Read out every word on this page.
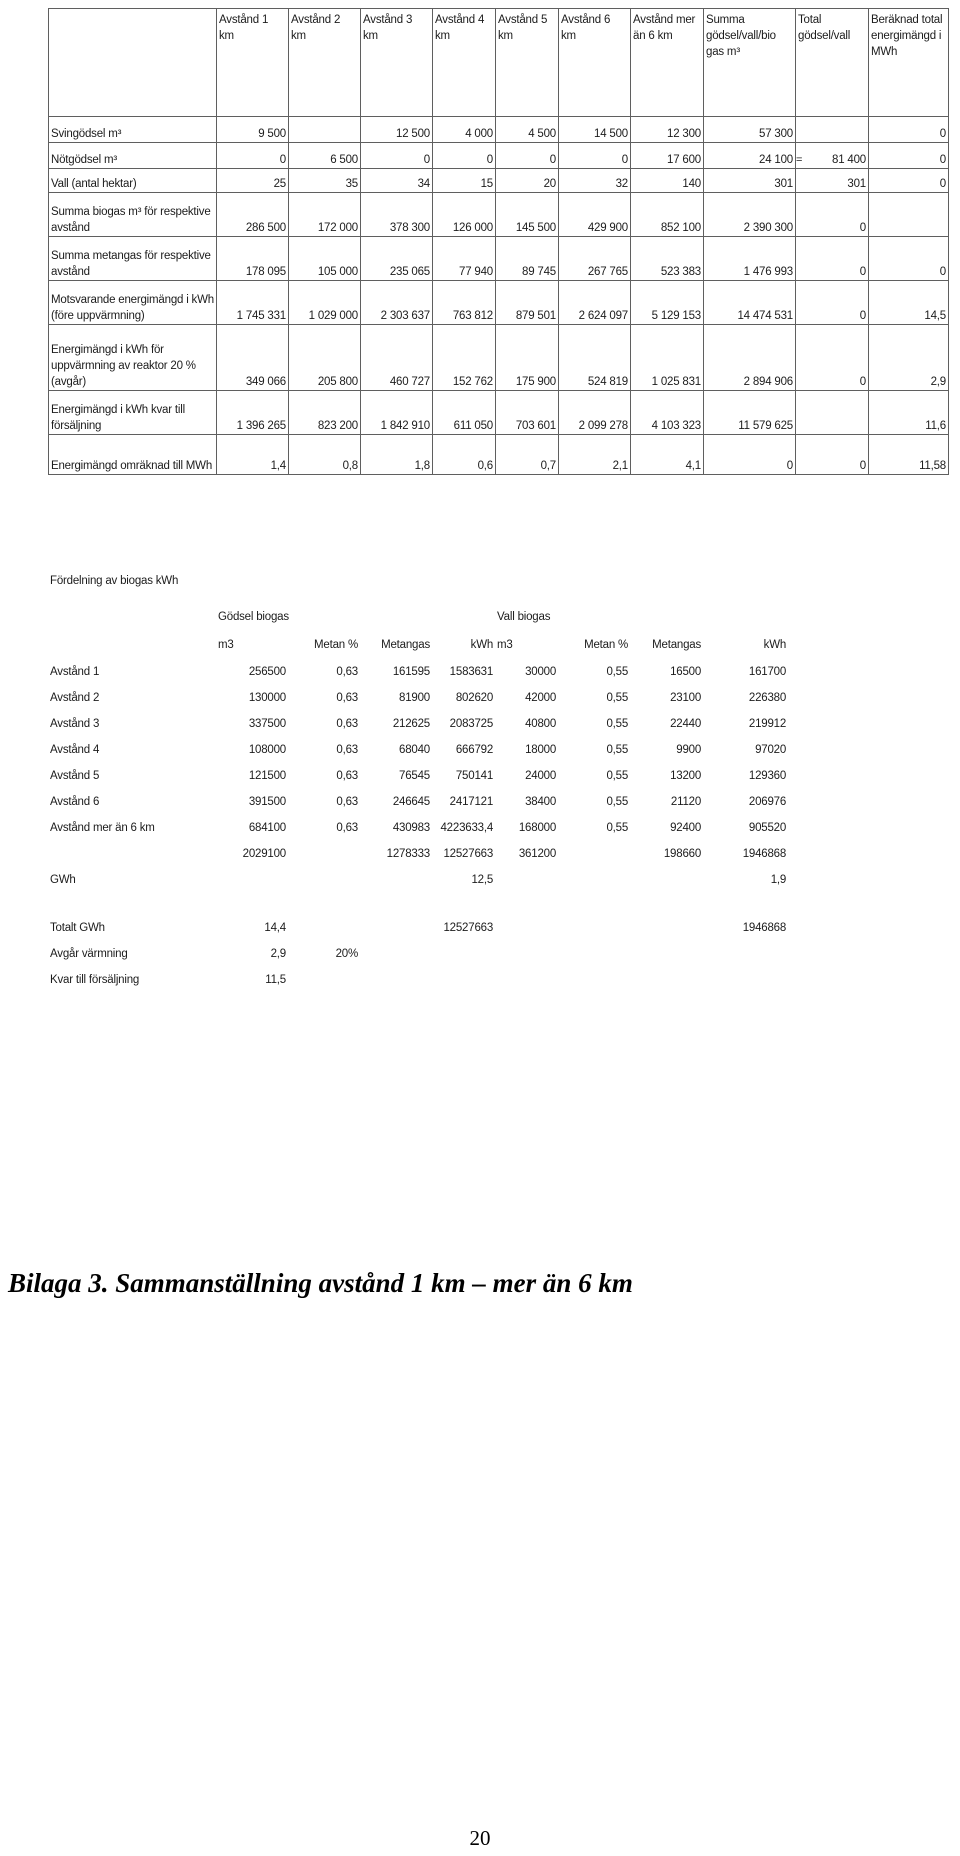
	Avstånd 1 km	Avstånd 2 km	Avstånd 3 km	Avstånd 4 km	Avstånd 5 km	Avstånd 6 km	Avstånd mer än 6 km	Summa gödsel/vall/bio gas m³	Total gödsel/vall	Beräknad total energimängd i MWh
Svingödsel m³	9 500		12 500	4 000	4 500	14 500	12 300	57 300		0
Nötgödsel m³	0	6 500	0	0	0	0	17 600	24 100 =	81 400	0
Vall (antal hektar)	25	35	34	15	20	32	140	301	301	0
Summa biogas m³ för respektive avstånd	286 500	172 000	378 300	126 000	145 500	429 900	852 100	2 390 300	0	
Summa metangas för respektive avstånd	178 095	105 000	235 065	77 940	89 745	267 765	523 383	1 476 993	0	0
Motsvarande energimängd i kWh (före uppvärmning)	1 745 331	1 029 000	2 303 637	763 812	879 501	2 624 097	5 129 153	14 474 531	0	14,5
Energimängd i kWh för uppvärmning av reaktor 20 % (avgår)	349 066	205 800	460 727	152 762	175 900	524 819	1 025 831	2 894 906	0	2,9
Energimängd i kWh kvar till försäljning	1 396 265	823 200	1 842 910	611 050	703 601	2 099 278	4 103 323	11 579 625		11,6
Energimängd omräknad till MWh	1,4	0,8	1,8	0,6	0,7	2,1	4,1	0	0	11,58
Fördelning av biogas kWh
	Gödsel biogas				Vall biogas			
	m3	Metan %	Metangas	kWh	m3	Metan %	Metangas	kWh
Avstånd 1	256500	0,63	161595	1583631	30000	0,55	16500	161700
Avstånd 2	130000	0,63	81900	802620	42000	0,55	23100	226380
Avstånd 3	337500	0,63	212625	2083725	40800	0,55	22440	219912
Avstånd 4	108000	0,63	68040	666792	18000	0,55	9900	97020
Avstånd 5	121500	0,63	76545	750141	24000	0,55	13200	129360
Avstånd 6	391500	0,63	246645	2417121	38400	0,55	21120	206976
Avstånd mer än 6 km	684100	0,63	430983	4223633,4	168000	0,55	92400	905520
	2029100		1278333	12527663	361200		198660	1946868
GWh				12,5				1,9

Totalt GWh	14,4			12527663				1946868
Avgår värmning	2,9	20%						
Kvar till försäljning	11,5							
Bilaga 3. Sammanställning avstånd 1 km – mer än 6 km
20
